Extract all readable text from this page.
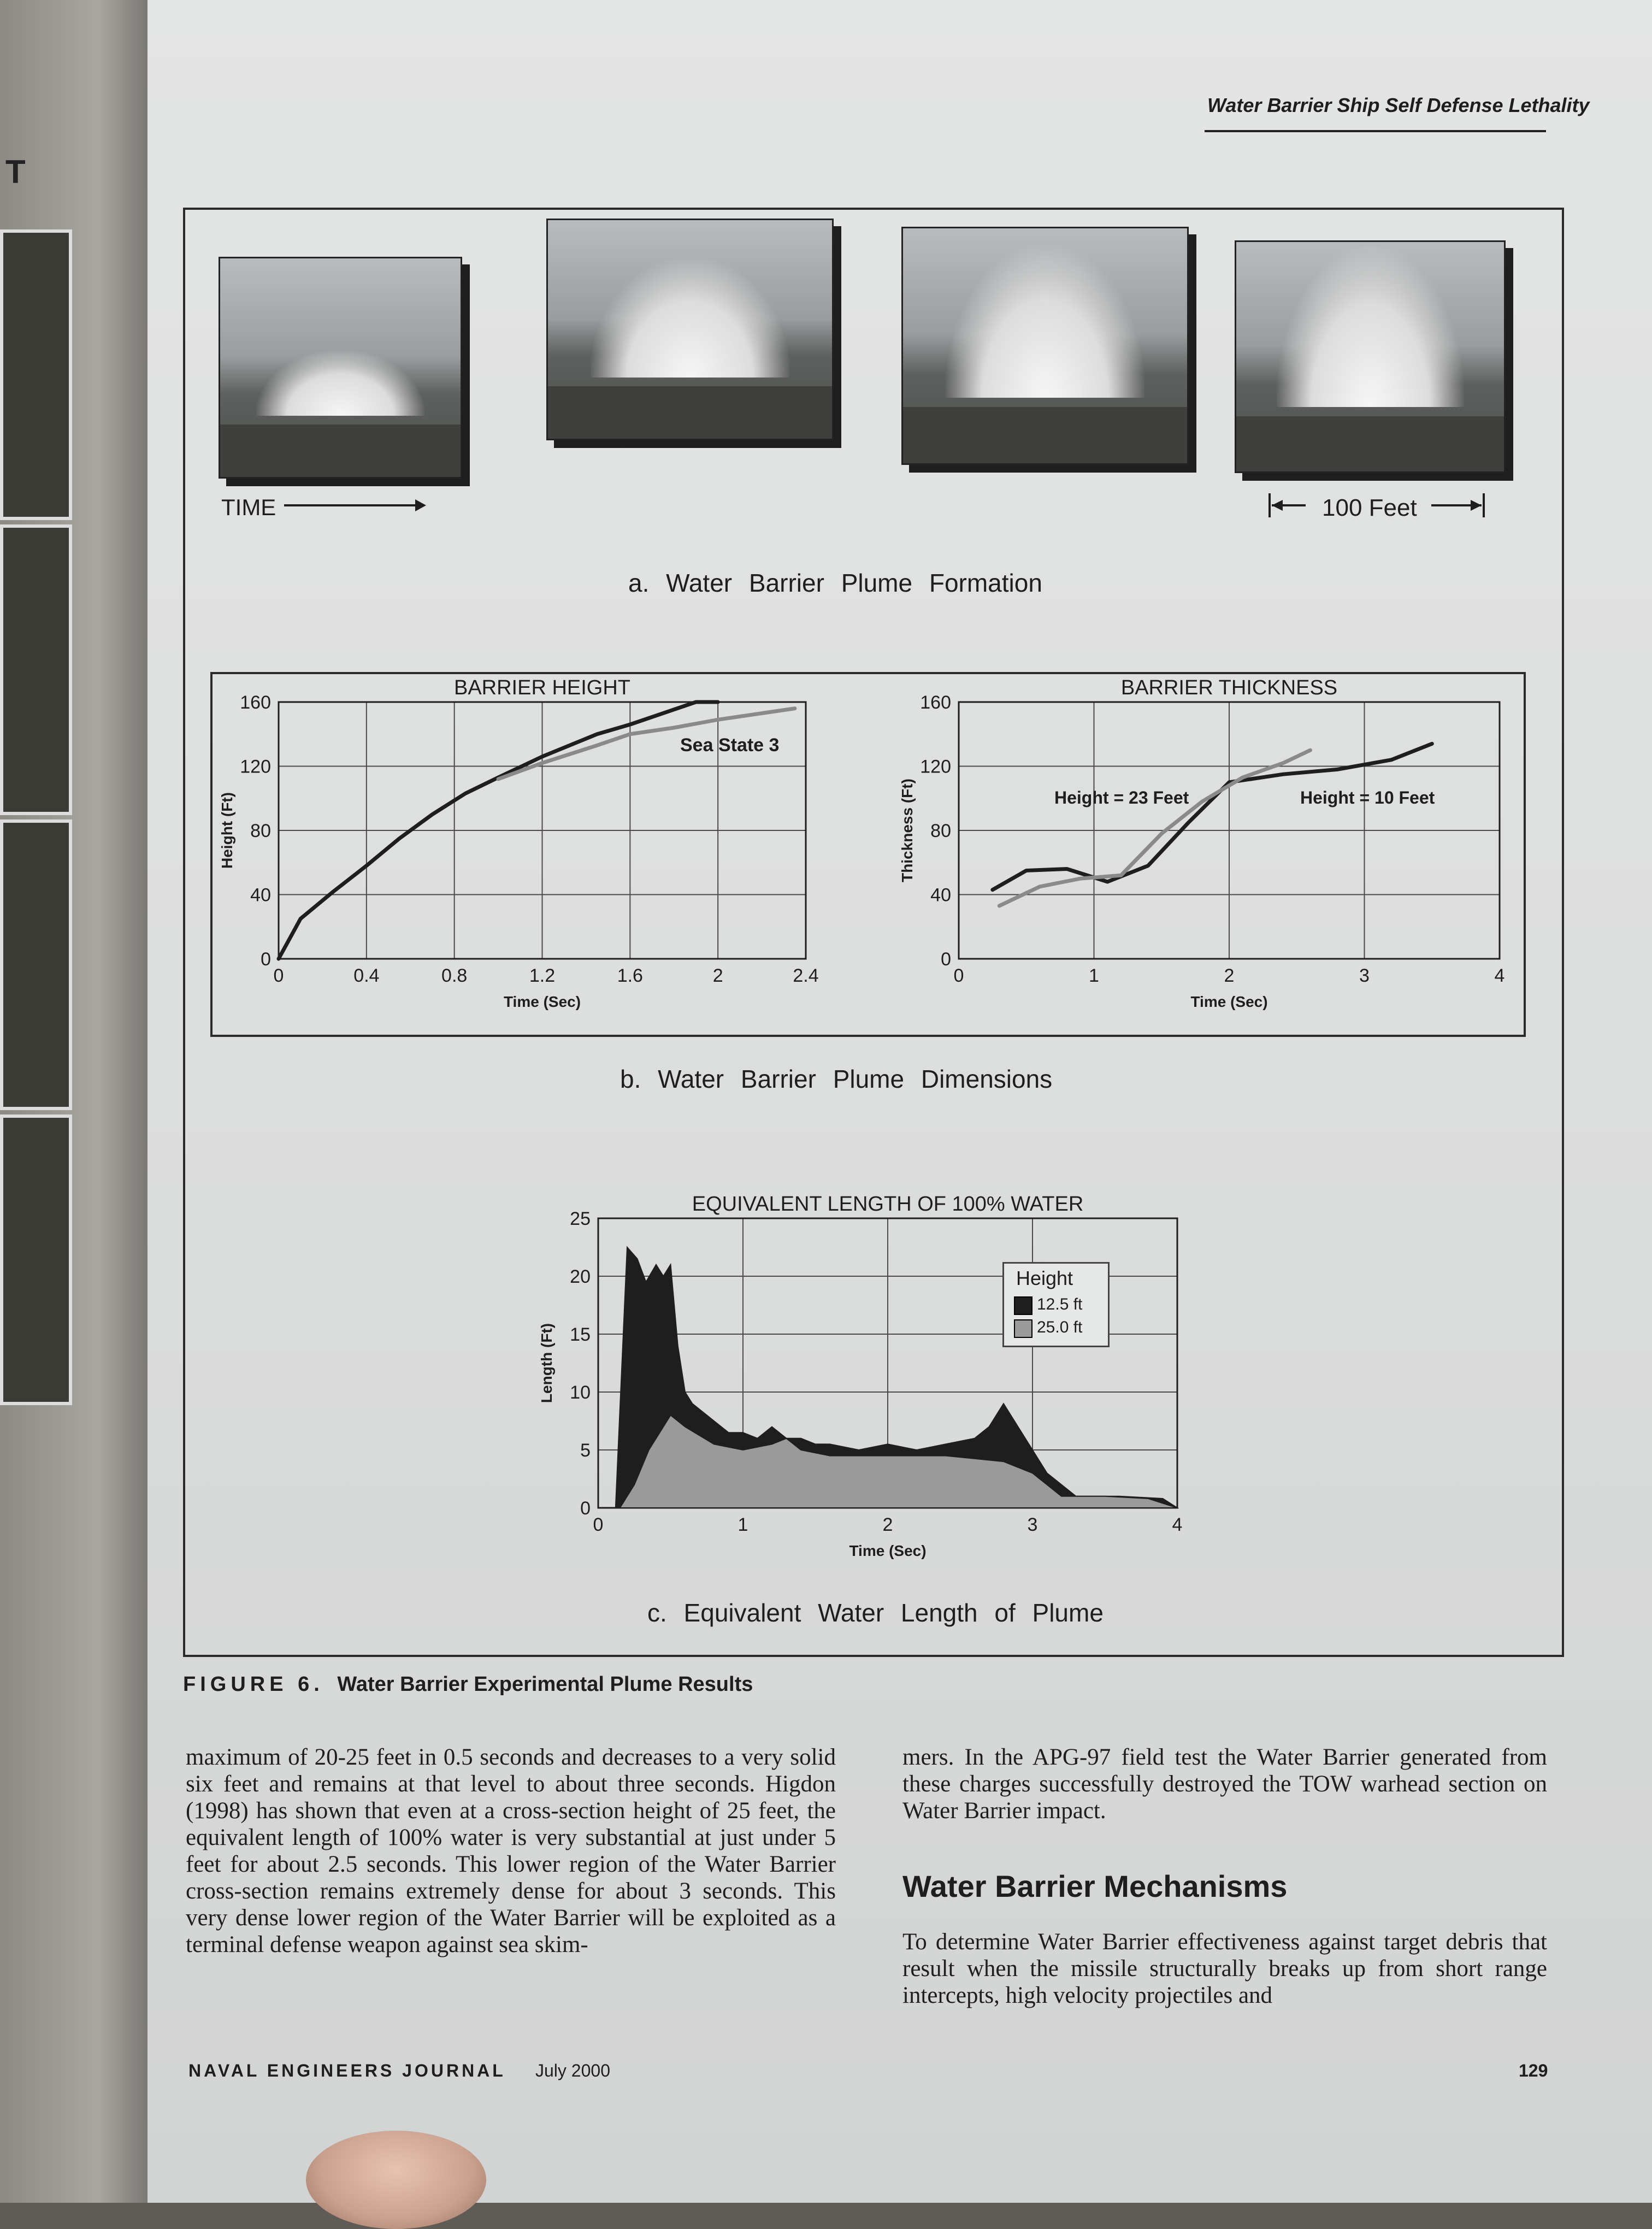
T
Water Barrier Ship Self Defense Lethality
TIME	100 Feet
a. Water Barrier Plume Formation
0	0.4	0.8	1.2	1.6	2	2.4
0
40
80
120
160
BARRIER HEIGHT
Time (Sec)
Height (Ft)
0	1	2	3	4
0
40
80
120
160
BARRIER THICKNESS
Time (Sec)
Thickness (Ft)
Sea State 3
Height = 23 Feet	Height = 10 Feet
b. Water Barrier Plume Dimensions
0	1	2	3	4
0
5
10
15
20
25
EQUIVALENT LENGTH OF 100% WATER
Time (Sec)
Length (Ft)
Height
12.5 ft
25.0 ft
c. Equivalent Water Length of Plume
FIGURE 6. Water Barrier Experimental Plume Results
maximum of 20-25 feet in 0.5 seconds and decreases to a very solid six feet and remains at that level to about three seconds. Higdon (1998) has shown that even at a cross-section height of 25 feet, the equivalent length of 100% water is very substantial at just under 5 feet for about 2.5 seconds. This lower region of the Water Barrier cross-section remains extremely dense for about 3 seconds. This very dense lower region of the Water Barrier will be exploited as a terminal defense weapon against sea skim-
mers. In the APG-97 field test the Water Barrier generated from these charges successfully destroyed the TOW warhead section on Water Barrier impact.
Water Barrier Mechanisms
To determine Water Barrier effectiveness against target debris that result when the missile structurally breaks up from short range intercepts, high velocity projectiles and
NAVAL ENGINEERS JOURNAL July 2000	129
